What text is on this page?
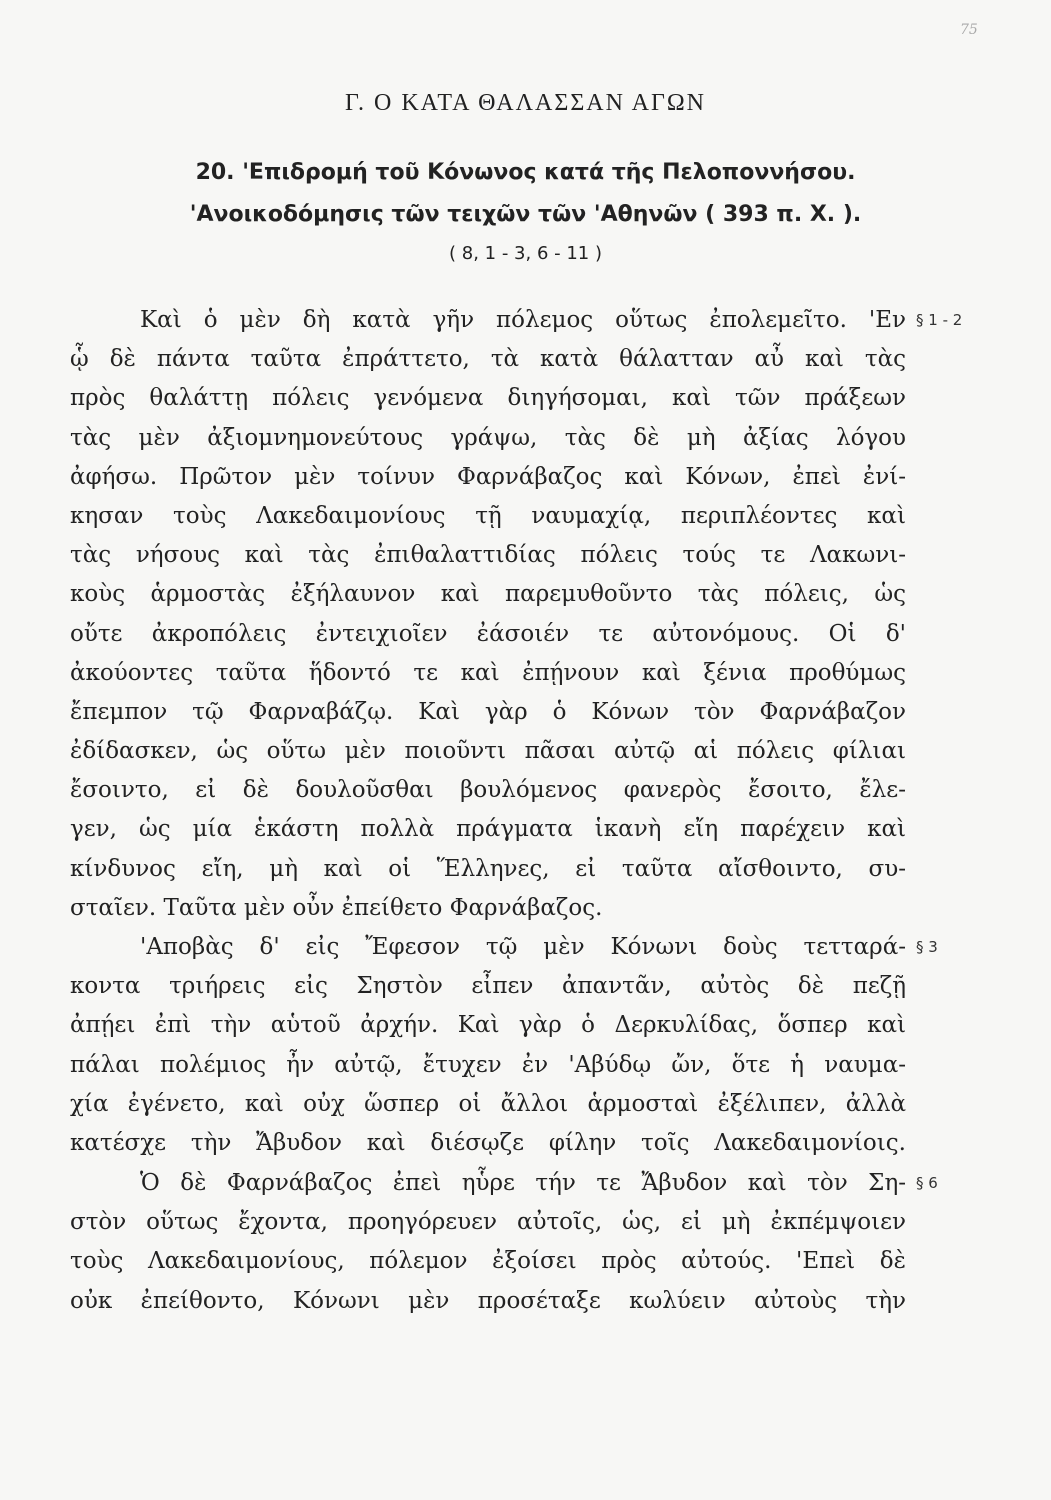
75
Γ. Ο ΚΑΤΑ ΘΑΛΑΣΣΑΝ ΑΓΩΝ
20. 'Επιδρομή τοῦ Κόνωνος κατά τῆς Πελοποννήσου.
'Ανοικοδόμησις τῶν τειχῶν τῶν 'Αθηνῶν ( 393 π. Χ. ).
( 8, 1 - 3, 6 - 11 )
Καὶ ὁ μὲν δὴ κατὰ γῆν πόλεμος οὕτως ἐπολεμεῖτο. 'Εν
ᾧ δὲ πάντα ταῦτα ἐπράττετο, τὰ κατὰ θάλατταν αὖ καὶ τὰς
πρὸς θαλάττῃ πόλεις γενόμενα διηγήσομαι, καὶ τῶν πράξεων
τὰς μὲν ἀξιομνημονεύτους γράψω, τὰς δὲ μὴ ἀξίας λόγου
ἀφήσω. Πρῶτον μὲν τοίνυν Φαρνάβαζος καὶ Κόνων, ἐπεὶ ἐνί-
κησαν τοὺς Λακεδαιμονίους τῇ ναυμαχίᾳ, περιπλέοντες καὶ
τὰς νήσους καὶ τὰς ἐπιθαλαττιδίας πόλεις τούς τε Λακωνι-
κοὺς ἁρμοστὰς ἐξήλαυνον καὶ παρεμυθοῦντο τὰς πόλεις, ὡς
οὔτε ἀκροπόλεις ἐντειχιοῖεν ἐάσοιέν τε αὐτονόμους. Οἱ δ'
ἀκούοντες ταῦτα ἥδοντό τε καὶ ἐπῄνουν καὶ ξένια προθύμως
ἔπεμπον τῷ Φαρναβάζῳ. Καὶ γὰρ ὁ Κόνων τὸν Φαρνάβαζον
ἐδίδασκεν, ὡς οὕτω μὲν ποιοῦντι πᾶσαι αὐτῷ αἱ πόλεις φίλιαι
ἔσοιντο, εἰ δὲ δουλοῦσθαι βουλόμενος φανερὸς ἔσοιτο, ἔλε-
γεν, ὡς μία ἑκάστη πολλὰ πράγματα ἱκανὴ εἴη παρέχειν καὶ
κίνδυνος εἴη, μὴ καὶ οἱ Ἕλληνες, εἰ ταῦτα αἴσθοιντο, συ-
σταῖεν. Ταῦτα μὲν οὖν ἐπείθετο Φαρνάβαζος.
§ 1 - 2
'Αποβὰς δ' εἰς Ἔφεσον τῷ μὲν Κόνωνι δοὺς τετταρά-
κοντα τριήρεις εἰς Σηστὸν εἶπεν ἀπαντᾶν, αὐτὸς δὲ πεζῇ
ἀπῄει ἐπὶ τὴν αὑτοῦ ἀρχήν. Καὶ γὰρ ὁ Δερκυλίδας, ὅσπερ καὶ
πάλαι πολέμιος ἦν αὐτῷ, ἔτυχεν ἐν 'Αβύδῳ ὤν, ὅτε ἡ ναυμα-
χία ἐγένετο, καὶ οὐχ ὥσπερ οἱ ἄλλοι ἁρμοσταὶ ἐξέλιπεν, ἀλλὰ
κατέσχε τὴν Ἄβυδον καὶ διέσῳζε φίλην τοῖς Λακεδαιμονίοις.
§ 3
Ὁ δὲ Φαρνάβαζος ἐπεὶ ηὗρε τήν τε Ἄβυδον καὶ τὸν Ση-
στὸν οὕτως ἔχοντα, προηγόρευεν αὐτοῖς, ὡς, εἰ μὴ ἐκπέμψοιεν
τοὺς Λακεδαιμονίους, πόλεμον ἐξοίσει πρὸς αὐτούς. 'Επεὶ δὲ
οὐκ ἐπείθοντο, Κόνωνι μὲν προσέταξε κωλύειν αὐτοὺς τὴν
§ 6
